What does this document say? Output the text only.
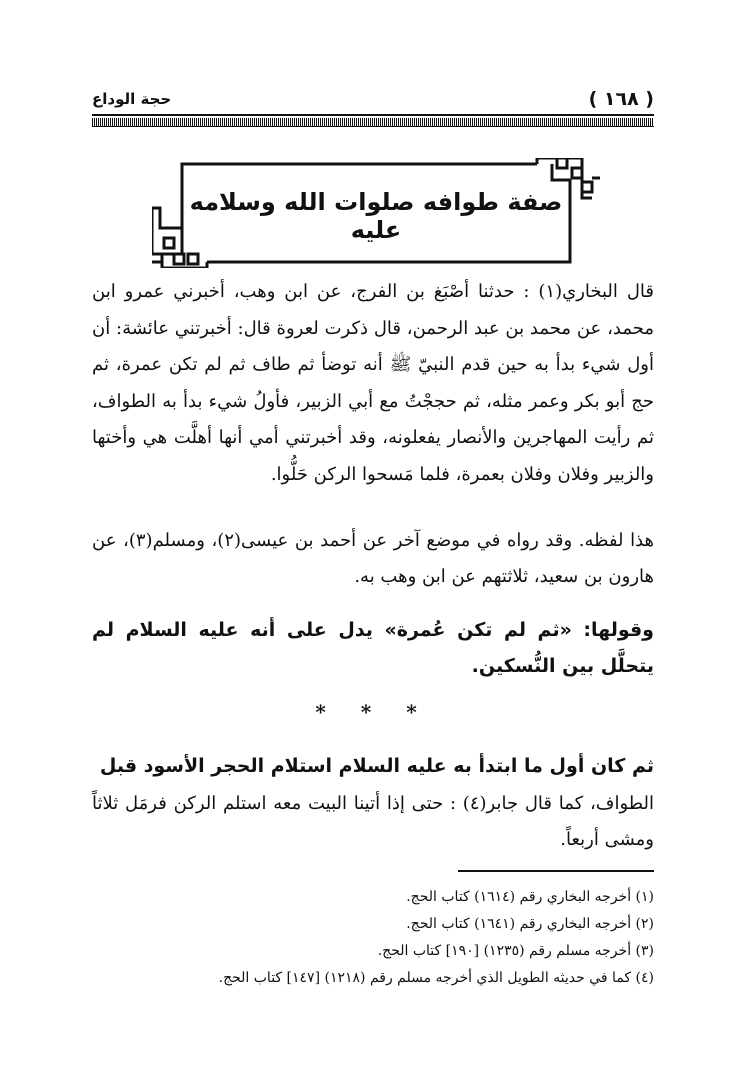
( ١٦٨ )
حجة الوداع
صفة طوافه صلوات الله وسلامه عليه

قال البخاري(١) : حدثنا أصْبَغ بن الفرج، عن ابن وهب، أخبرني عمرو ابن محمد، عن محمد بن عبد الرحمن، قال ذكرت لعروة قال: أخبرتني عائشة: أن أول شيء بدأ به حين قدم النبيّ ﷺ أنه توضأ ثم طاف ثم لم تكن عمرة، ثم حج أبو بكر وعمر مثله، ثم حججْتُ مع أبي الزبير، فأولُ شيء بدأ به الطواف، ثم رأيت المهاجرين والأنصار يفعلونه، وقد أخبرتني أمي أنها أهلَّت هي وأختها والزبير وفلان وفلان بعمرة، فلما مَسحوا الركن حَلُّوا.

هذا لفظه. وقد رواه في موضع آخر عن أحمد بن عيسى(٢)، ومسلم(٣)، عن هارون بن سعيد، ثلاثتهم عن ابن وهب به.

وقولها: «ثم لم تكن عُمرة» يدل على أنه عليه السلام لم يتحلَّل بين النُّسكين.

* * *

ثم كان أول ما ابتدأ به عليه السلام استلام الحجر الأسود قبل

الطواف، كما قال جابر(٤) : حتى إذا أتينا البيت معه استلم الركن فرمَل ثلاثاً ومشى أربعاً.

(١) أخرجه البخاري رقم (١٦١٤) كتاب الحج.
(٢) أخرجه البخاري رقم (١٦٤١) كتاب الحج.
(٣) أخرجه مسلم رقم (١٢٣٥) [١٩٠] كتاب الحج.
(٤) كما في حديثه الطويل الذي أخرجه مسلم رقم (١٢١٨) [١٤٧] كتاب الحج.
